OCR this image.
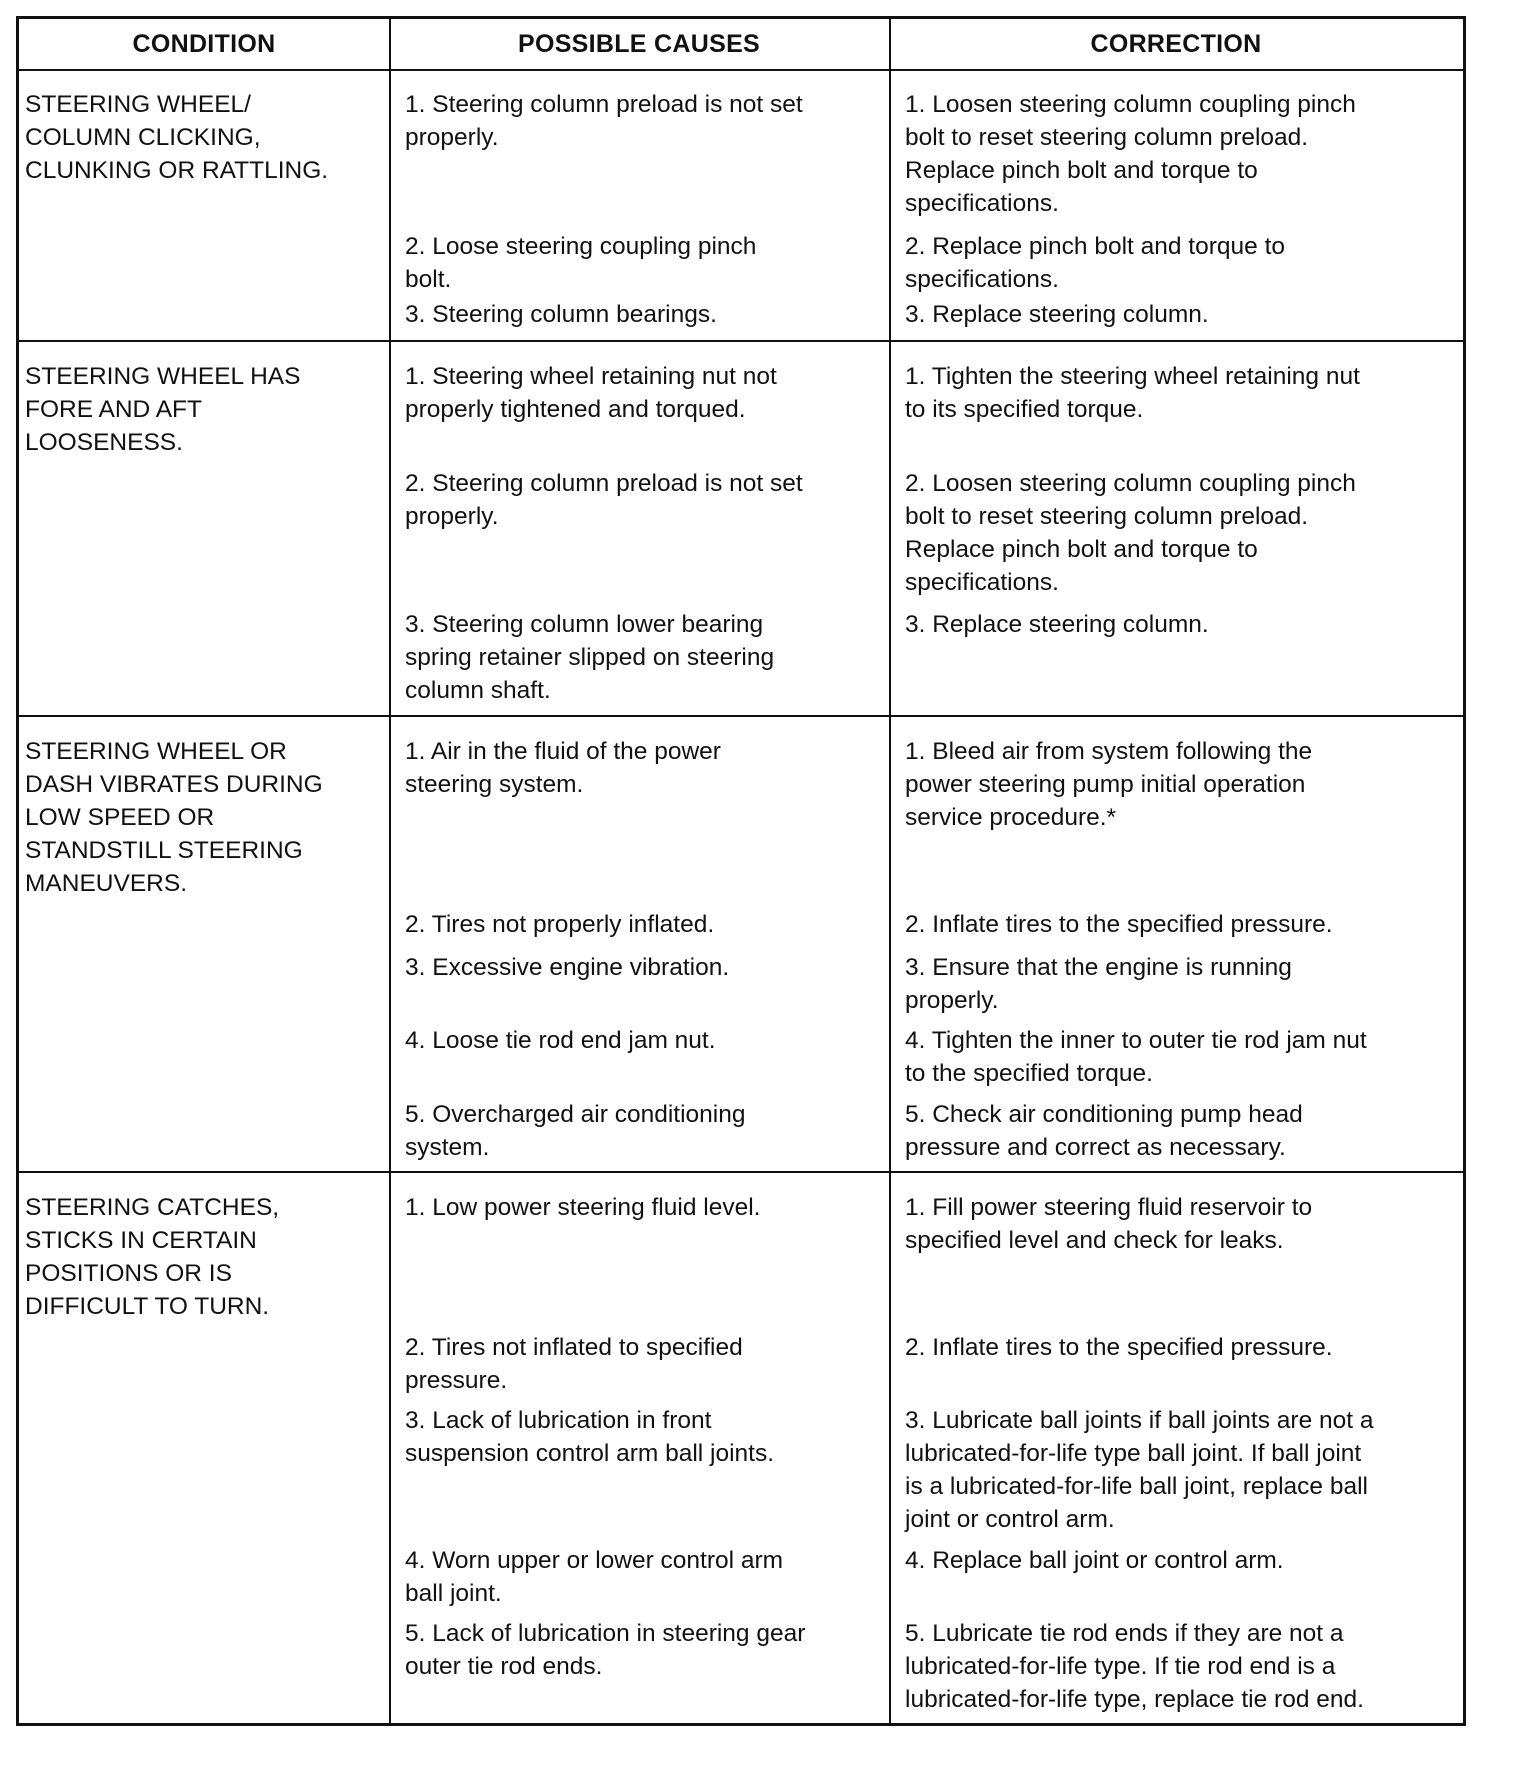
CONDITION	POSSIBLE CAUSES	CORRECTION
STEERING WHEEL/
COLUMN CLICKING,
CLUNKING OR RATTLING.
1. Steering column preload is not set
properly.
2. Loose steering coupling pinch
bolt.
3. Steering column bearings.
1. Loosen steering column coupling pinch
bolt to reset steering column preload.
Replace pinch bolt and torque to
specifications.
2. Replace pinch bolt and torque to
specifications.
3. Replace steering column.
STEERING WHEEL HAS
FORE AND AFT
LOOSENESS.
1. Steering wheel retaining nut not
properly tightened and torqued.
2. Steering column preload is not set
properly.
3. Steering column lower bearing
spring retainer slipped on steering
column shaft.
1. Tighten the steering wheel retaining nut
to its specified torque.
2. Loosen steering column coupling pinch
bolt to reset steering column preload.
Replace pinch bolt and torque to
specifications.
3. Replace steering column.
STEERING WHEEL OR
DASH VIBRATES DURING
LOW SPEED OR
STANDSTILL STEERING
MANEUVERS.
1. Air in the fluid of the power
steering system.
2. Tires not properly inflated.
3. Excessive engine vibration.
4. Loose tie rod end jam nut.
5. Overcharged air conditioning
system.
1. Bleed air from system following the
power steering pump initial operation
service procedure.*
2. Inflate tires to the specified pressure.
3. Ensure that the engine is running
properly.
4. Tighten the inner to outer tie rod jam nut
to the specified torque.
5. Check air conditioning pump head
pressure and correct as necessary.
STEERING CATCHES,
STICKS IN CERTAIN
POSITIONS OR IS
DIFFICULT TO TURN.
1. Low power steering fluid level.
2. Tires not inflated to specified
pressure.
3. Lack of lubrication in front
suspension control arm ball joints.
4. Worn upper or lower control arm
ball joint.
5. Lack of lubrication in steering gear
outer tie rod ends.
1. Fill power steering fluid reservoir to
specified level and check for leaks.
2. Inflate tires to the specified pressure.
3. Lubricate ball joints if ball joints are not a
lubricated-for-life type ball joint. If ball joint
is a lubricated-for-life ball joint, replace ball
joint or control arm.
4. Replace ball joint or control arm.
5. Lubricate tie rod ends if they are not a
lubricated-for-life type. If tie rod end is a
lubricated-for-life type, replace tie rod end.
